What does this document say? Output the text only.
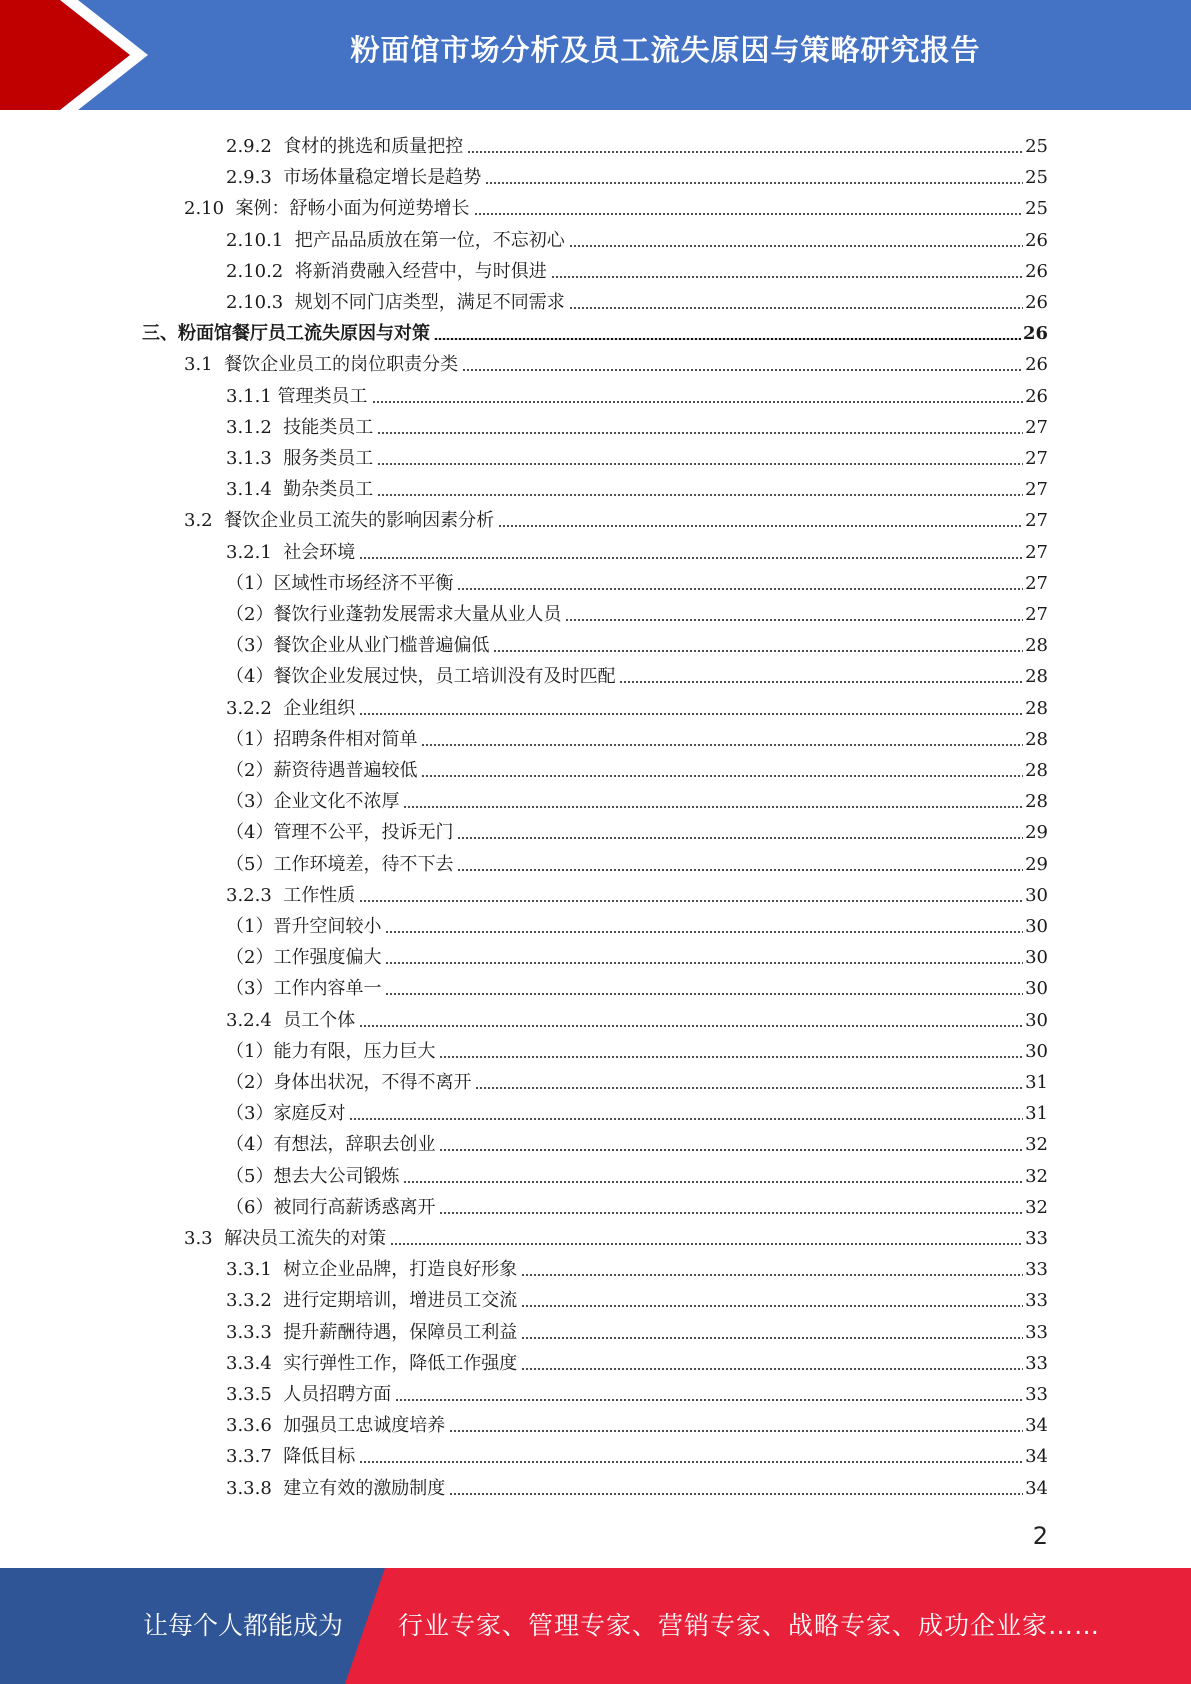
粉面馆市场分析及员工流失原因与策略研究报告
2.9.2  食材的挑选和质量把控	25
2.9.3  市场体量稳定增长是趋势	25
2.10  案例：舒畅小面为何逆势增长	25
2.10.1  把产品品质放在第一位，不忘初心	26
2.10.2  将新消费融入经营中，与时俱进	26
2.10.3  规划不同门店类型，满足不同需求	26
三、粉面馆餐厅员工流失原因与对策	26
3.1  餐饮企业员工的岗位职责分类	26
3.1.1 管理类员工	26
3.1.2  技能类员工	27
3.1.3  服务类员工	27
3.1.4  勤杂类员工	27
3.2  餐饮企业员工流失的影响因素分析	27
3.2.1  社会环境	27
（1）区域性市场经济不平衡	27
（2）餐饮行业蓬勃发展需求大量从业人员	27
（3）餐饮企业从业门槛普遍偏低	28
（4）餐饮企业发展过快，员工培训没有及时匹配	28
3.2.2  企业组织	28
（1）招聘条件相对简单	28
（2）薪资待遇普遍较低	28
（3）企业文化不浓厚	28
（4）管理不公平，投诉无门	29
（5）工作环境差，待不下去	29
3.2.3  工作性质	30
（1）晋升空间较小	30
（2）工作强度偏大	30
（3）工作内容单一	30
3.2.4  员工个体	30
（1）能力有限，压力巨大	30
（2）身体出状况，不得不离开	31
（3）家庭反对	31
（4）有想法，辞职去创业	32
（5）想去大公司锻炼	32
（6）被同行高薪诱惑离开	32
3.3  解决员工流失的对策	33
3.3.1  树立企业品牌，打造良好形象	33
3.3.2  进行定期培训，增进员工交流	33
3.3.3  提升薪酬待遇，保障员工利益	33
3.3.4  实行弹性工作，降低工作强度	33
3.3.5  人员招聘方面	33
3.3.6  加强员工忠诚度培养	34
3.3.7  降低目标	34
3.3.8  建立有效的激励制度	34
2
让每个人都能成为 行业专家、管理专家、营销专家、战略专家、成功企业家……
